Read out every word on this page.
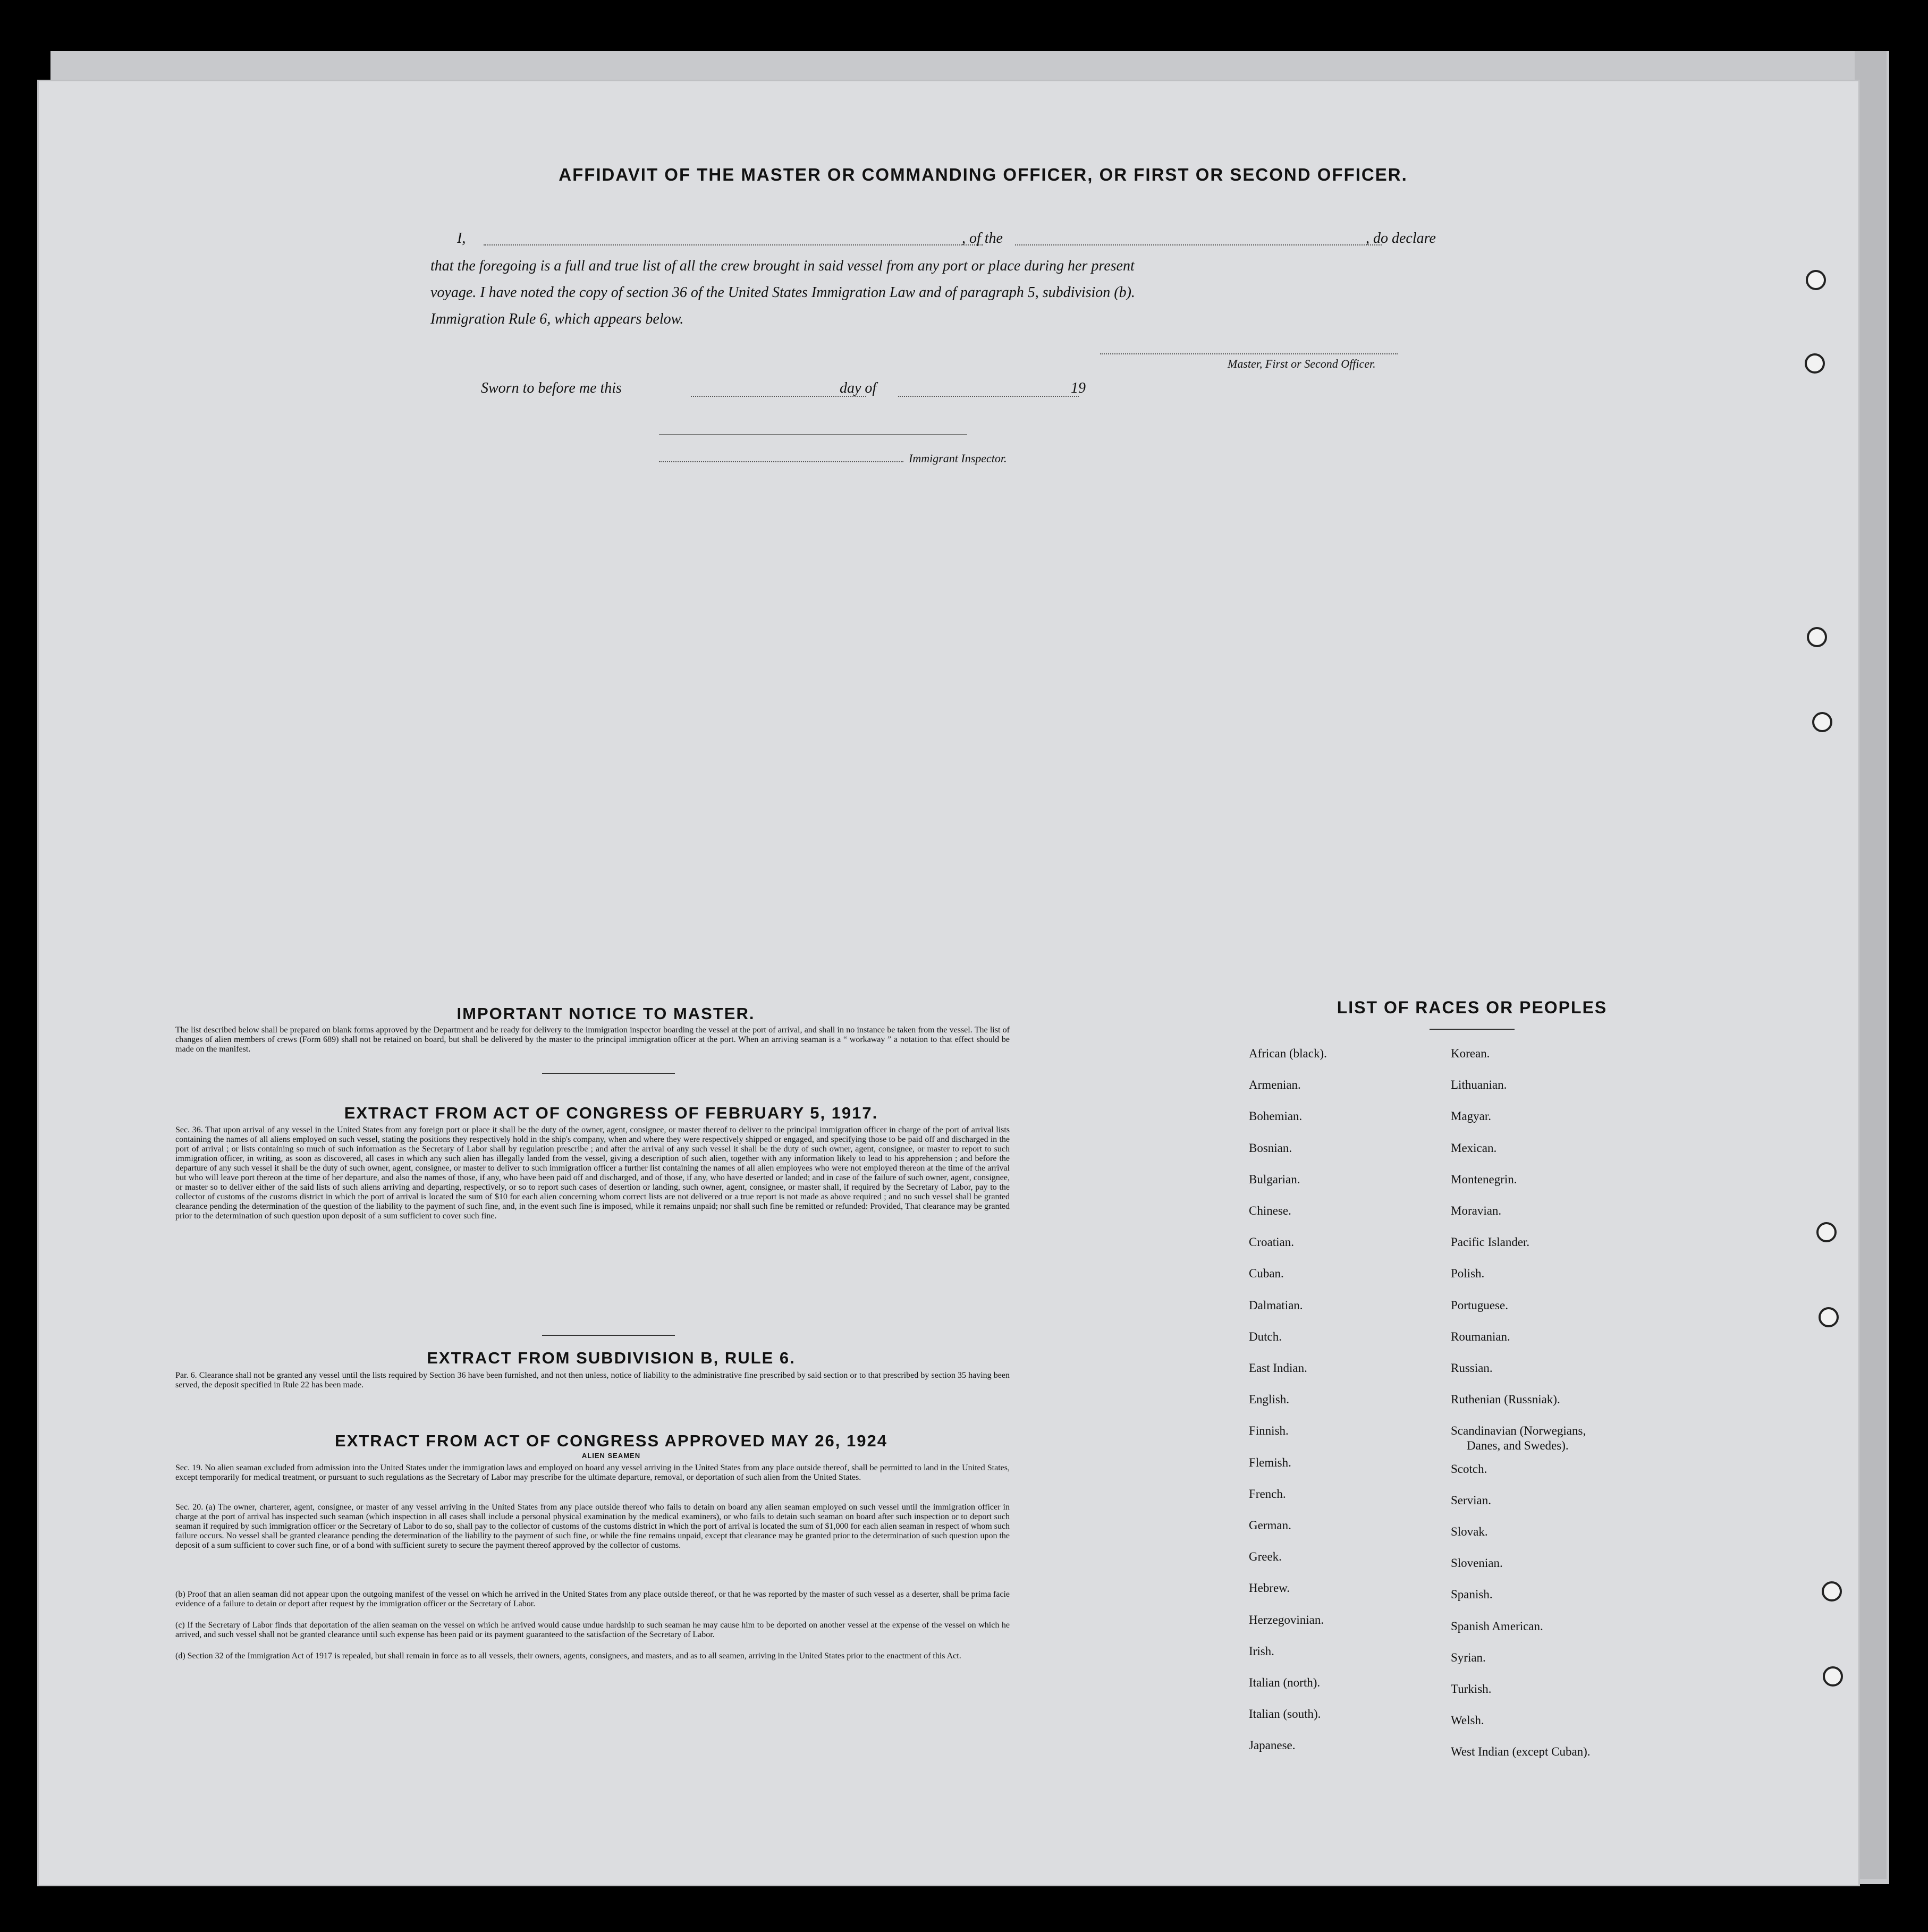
AFFIDAVIT OF THE MASTER OR COMMANDING OFFICER, OR FIRST OR SECOND OFFICER.
I,	, of the	, do declare
that the foregoing is a full and true list of all the crew brought in said vessel from any port or place during her present
voyage. I have noted the copy of section 36 of the United States Immigration Law and of paragraph 5, subdivision (b).
Immigration Rule 6, which appears below.
Master, First or Second Officer.
Sworn to before me this	day of	19
Immigrant Inspector.
IMPORTANT NOTICE TO MASTER.
The list described below shall be prepared on blank forms approved by the Department and be ready for delivery to the immigration inspector boarding the vessel at the port of arrival, and shall in no instance be taken from the vessel. The list of changes of alien members of crews (Form 689) shall not be retained on board, but shall be delivered by the master to the principal immigration officer at the port. When an arriving seaman is a “ workaway ” a notation to that effect should be made on the manifest.
EXTRACT FROM ACT OF CONGRESS OF FEBRUARY 5, 1917.
Sec. 36. That upon arrival of any vessel in the United States from any foreign port or place it shall be the duty of the owner, agent, consignee, or master thereof to deliver to the principal immigration officer in charge of the port of arrival lists containing the names of all aliens employed on such vessel, stating the positions they respectively hold in the ship's company, when and where they were respectively shipped or engaged, and specifying those to be paid off and discharged in the port of arrival ; or lists containing so much of such information as the Secretary of Labor shall by regulation prescribe ; and after the arrival of any such vessel it shall be the duty of such owner, agent, consignee, or master to report to such immigration officer, in writing, as soon as discovered, all cases in which any such alien has illegally landed from the vessel, giving a description of such alien, together with any information likely to lead to his apprehension ; and before the departure of any such vessel it shall be the duty of such owner, agent, consignee, or master to deliver to such immigration officer a further list containing the names of all alien employees who were not employed thereon at the time of the arrival but who will leave port thereon at the time of her departure, and also the names of those, if any, who have been paid off and discharged, and of those, if any, who have deserted or landed; and in case of the failure of such owner, agent, consignee, or master so to deliver either of the said lists of such aliens arriving and departing, respectively, or so to report such cases of desertion or landing, such owner, agent, consignee, or master shall, if required by the Secretary of Labor, pay to the collector of customs of the customs district in which the port of arrival is located the sum of $10 for each alien concerning whom correct lists are not delivered or a true report is not made as above required ; and no such vessel shall be granted clearance pending the determination of the question of the liability to the payment of such fine, and, in the event such fine is imposed, while it remains unpaid; nor shall such fine be remitted or refunded: Provided, That clearance may be granted prior to the determination of such question upon deposit of a sum sufficient to cover such fine.
EXTRACT FROM SUBDIVISION B, RULE 6.
Par. 6. Clearance shall not be granted any vessel until the lists required by Section 36 have been furnished, and not then unless, notice of liability to the administrative fine prescribed by said section or to that prescribed by section 35 having been served, the deposit specified in Rule 22 has been made.
EXTRACT FROM ACT OF CONGRESS APPROVED MAY 26, 1924
ALIEN SEAMEN
Sec. 19. No alien seaman excluded from admission into the United States under the immigration laws and employed on board any vessel arriving in the United States from any place outside thereof, shall be permitted to land in the United States, except temporarily for medical treatment, or pursuant to such regulations as the Secretary of Labor may prescribe for the ultimate departure, removal, or deportation of such alien from the United States.
Sec. 20. (a) The owner, charterer, agent, consignee, or master of any vessel arriving in the United States from any place outside thereof who fails to detain on board any alien seaman employed on such vessel until the immigration officer in charge at the port of arrival has inspected such seaman (which inspection in all cases shall include a personal physical examination by the medical examiners), or who fails to detain such seaman on board after such inspection or to deport such seaman if required by such immigration officer or the Secretary of Labor to do so, shall pay to the collector of customs of the customs district in which the port of arrival is located the sum of $1,000 for each alien seaman in respect of whom such failure occurs. No vessel shall be granted clearance pending the determination of the liability to the payment of such fine, or while the fine remains unpaid, except that clearance may be granted prior to the determination of such question upon the deposit of a sum sufficient to cover such fine, or of a bond with sufficient surety to secure the payment thereof approved by the collector of customs.
(b) Proof that an alien seaman did not appear upon the outgoing manifest of the vessel on which he arrived in the United States from any place outside thereof, or that he was reported by the master of such vessel as a deserter, shall be prima facie evidence of a failure to detain or deport after request by the immigration officer or the Secretary of Labor.
(c) If the Secretary of Labor finds that deportation of the alien seaman on the vessel on which he arrived would cause undue hardship to such seaman he may cause him to be deported on another vessel at the expense of the vessel on which he arrived, and such vessel shall not be granted clearance until such expense has been paid or its payment guaranteed to the satisfaction of the Secretary of Labor.
(d) Section 32 of the Immigration Act of 1917 is repealed, but shall remain in force as to all vessels, their owners, agents, consignees, and masters, and as to all seamen, arriving in the United States prior to the enactment of this Act.
LIST OF RACES OR PEOPLES
African (black).
Armenian.
Bohemian.
Bosnian.
Bulgarian.
Chinese.
Croatian.
Cuban.
Dalmatian.
Dutch.
East Indian.
English.
Finnish.
Flemish.
French.
German.
Greek.
Hebrew.
Herzegovinian.
Irish.
Italian (north).
Italian (south).
Japanese.
Korean.
Lithuanian.
Magyar.
Mexican.
Montenegrin.
Moravian.
Pacific Islander.
Polish.
Portuguese.
Roumanian.
Russian.
Ruthenian (Russniak).
Scandinavian (Norwegians,
Danes, and Swedes).
Scotch.
Servian.
Slovak.
Slovenian.
Spanish.
Spanish American.
Syrian.
Turkish.
Welsh.
West Indian (except Cuban).
